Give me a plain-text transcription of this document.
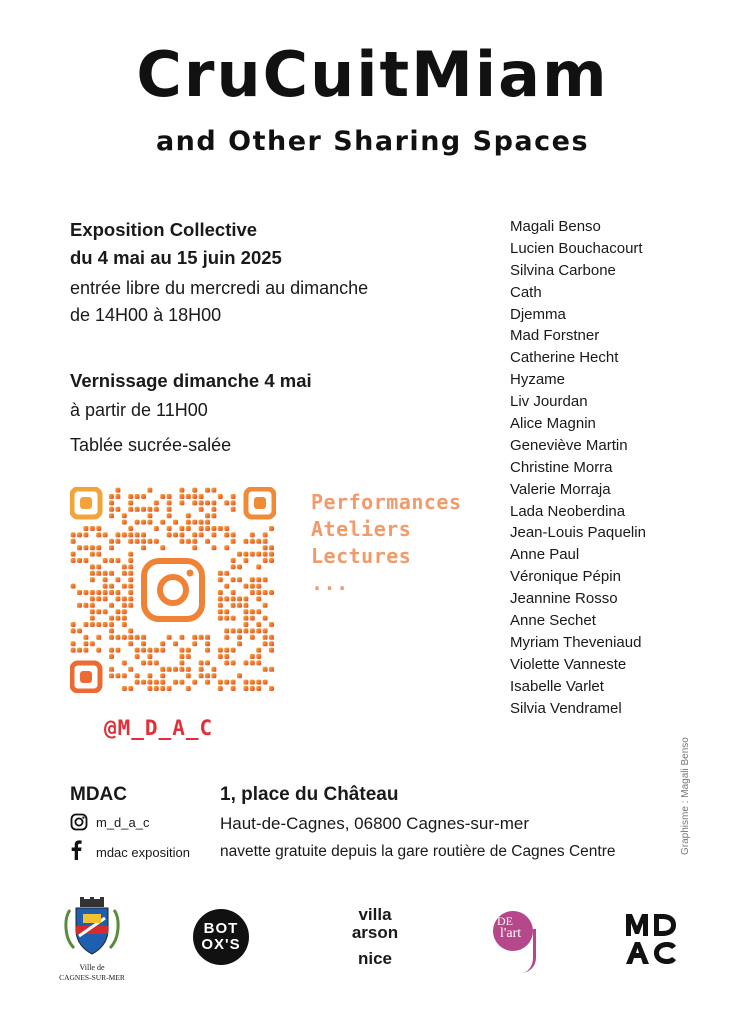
CruCuitMiam
and Other Sharing Spaces
Exposition Collective
du 4 mai au 15 juin 2025
entrée libre du mercredi au dimanche
de 14H00 à 18H00
Vernissage dimanche 4 mai
à partir de 11H00
Tablée sucrée-salée
Magali Benso
Lucien Bouchacourt
Silvina Carbone
Cath
Djemma
Mad Forstner
Catherine Hecht
Hyzame
Liv Jourdan
Alice Magnin
Geneviève Martin
Christine Morra
Valerie Morraja
Lada Neoberdina
Jean-Louis Paquelin
Anne Paul
Véronique Pépin
Jeannine Rosso
Anne Sechet
Myriam Theveniaud
Violette Vanneste
Isabelle Varlet
Silvia Vendramel
Performances
Ateliers
Lectures
...
@M_D_A_C
Graphisme : Magali Benso
MDAC
m_d_a_c
mdac exposition
1, place du Château
Haut-de-Cagnes, 06800 Cagnes-sur-mer
navette gratuite depuis la gare routière de Cagnes Centre
Ville de
CAGNES-SUR-MER
BOT
OX'S
villa
arson
nice
DE
l'art
